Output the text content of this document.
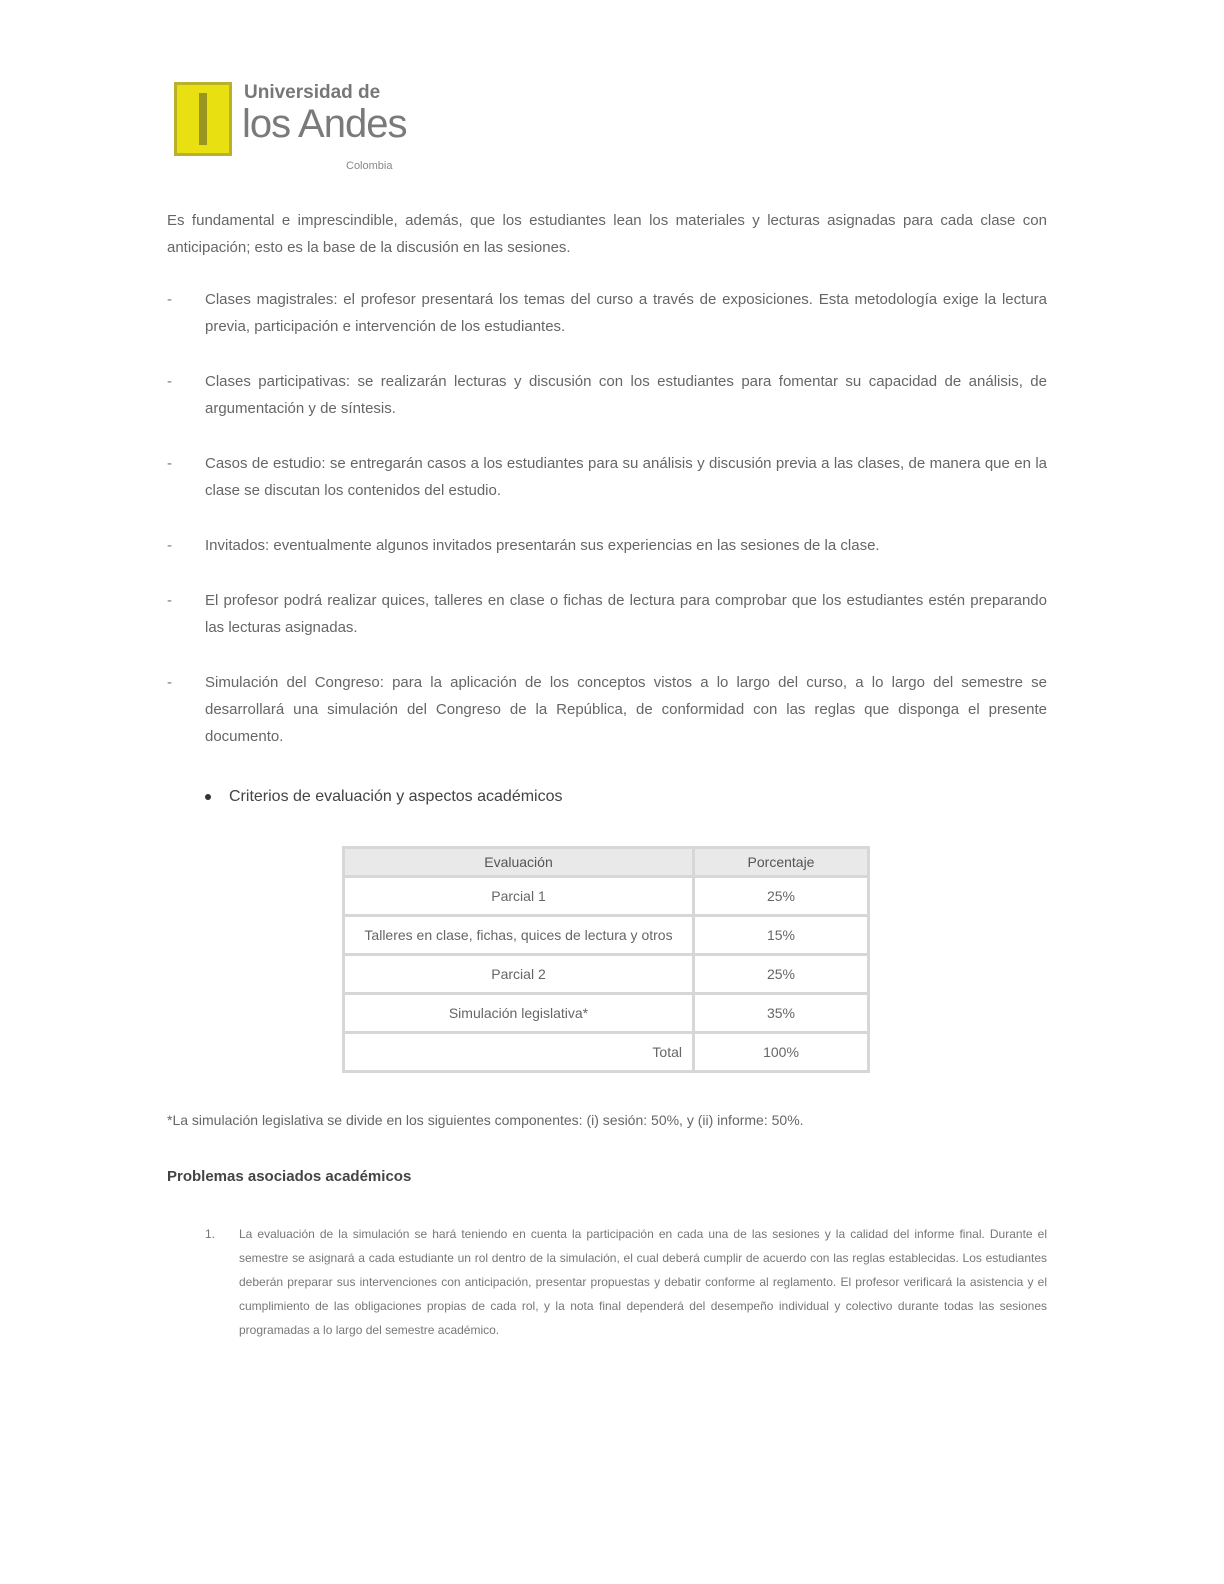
Universidad de
los Andes
Colombia

Es fundamental e imprescindible, además, que los estudiantes lean los materiales y lecturas asignadas para cada clase con anticipación; esto es la base de la discusión en las sesiones.

- Clases magistrales: el profesor presentará los temas del curso a través de exposiciones. Esta metodología exige la lectura previa, participación e intervención de los estudiantes.
- Clases participativas: se realizarán lecturas y discusión con los estudiantes para fomentar su capacidad de análisis, de argumentación y de síntesis.
- Casos de estudio: se entregarán casos a los estudiantes para su análisis y discusión previa a las clases, de manera que en la clase se discutan los contenidos del estudio.
- Invitados: eventualmente algunos invitados presentarán sus experiencias en las sesiones de la clase.
- El profesor podrá realizar quices, talleres en clase o fichas de lectura para comprobar que los estudiantes estén preparando las lecturas asignadas.
- Simulación del Congreso: para la aplicación de los conceptos vistos a lo largo del curso, a lo largo del semestre se desarrollará una simulación del Congreso de la República, de conformidad con las reglas que disponga el presente documento.
Criterios de evaluación y aspectos académicos
Evaluación	Porcentaje
Parcial 1	25%
Talleres en clase, fichas, quices de lectura y otros	15%
Parcial 2	25%
Simulación legislativa*	35%
Total	100%
*La simulación legislativa se divide en los siguientes componentes: (i) sesión: 50%, y (ii) informe: 50%.
Problemas asociados académicos
1. La evaluación de la simulación se hará teniendo en cuenta la participación en cada una de las sesiones y la calidad del informe final. Durante el semestre se asignará a cada estudiante un rol dentro de la simulación, el cual deberá cumplir de acuerdo con las reglas establecidas. Los estudiantes deberán preparar sus intervenciones con anticipación, presentar propuestas y debatir conforme al reglamento. El profesor verificará la asistencia y el cumplimiento de las obligaciones propias de cada rol, y la nota final dependerá del desempeño individual y colectivo durante todas las sesiones programadas a lo largo del semestre académico.
